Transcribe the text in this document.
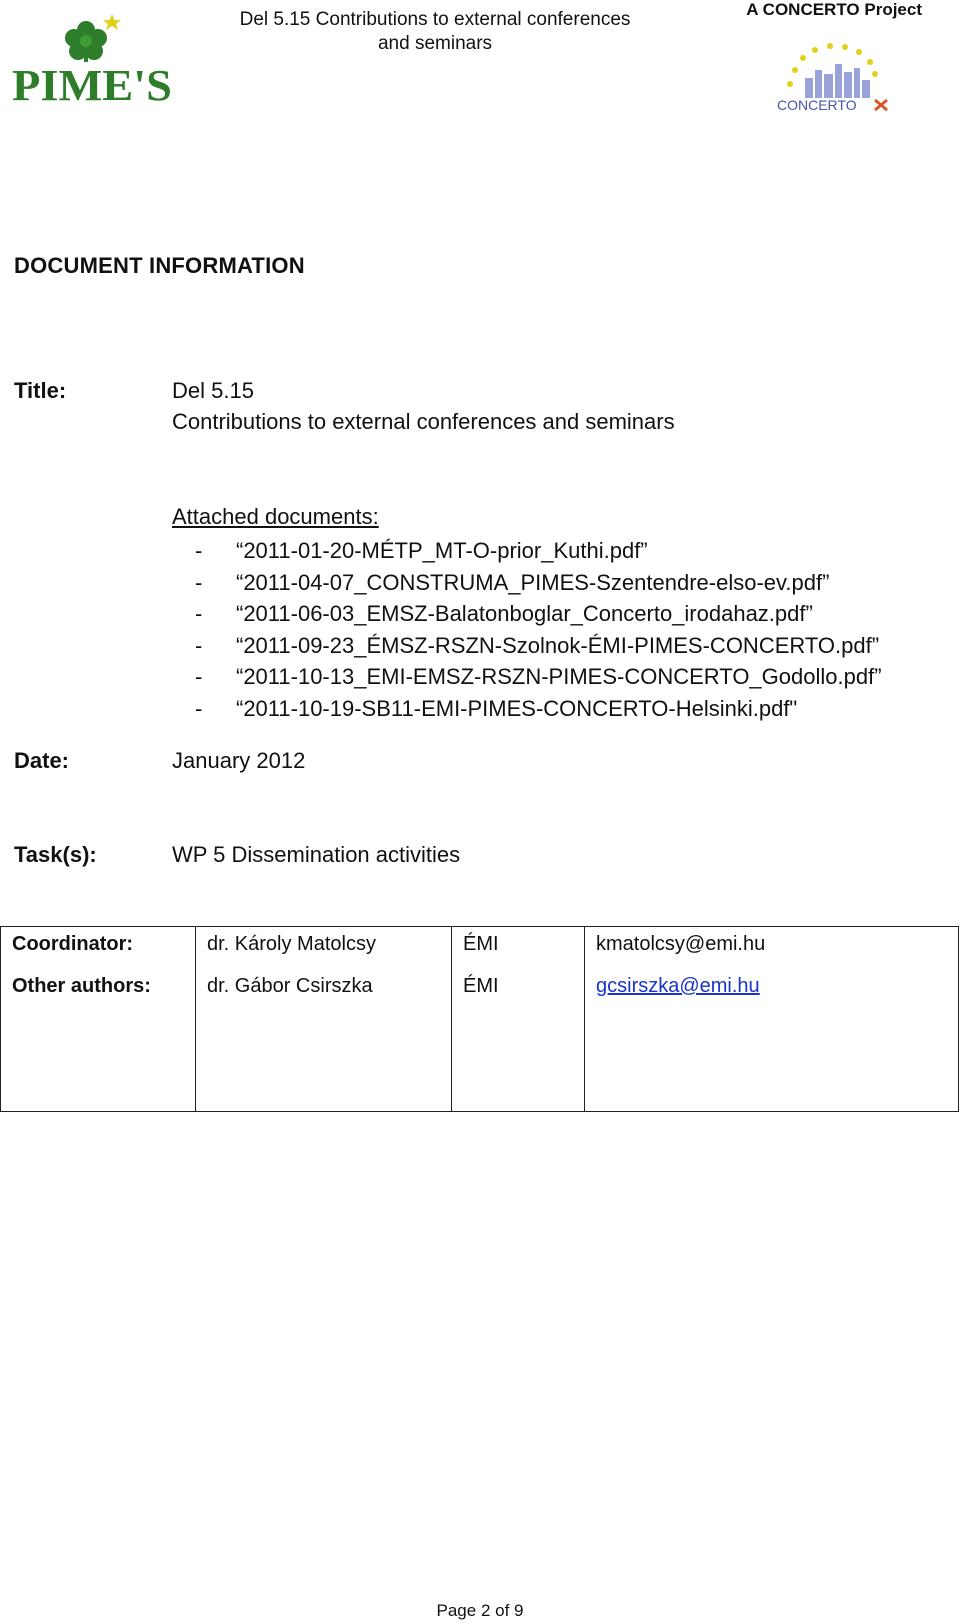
PIME'S
Del 5.15 Contributions to external conferences
and seminars
A CONCERTO Project
CONCERTO
DOCUMENT INFORMATION
Title:	Del 5.15
Contributions to external conferences and seminars
Attached documents:
- “2011-01-20-MÉTP_MT-O-prior_Kuthi.pdf”
- “2011-04-07_CONSTRUMA_PIMES-Szentendre-elso-ev.pdf”
- “2011-06-03_EMSZ-Balatonboglar_Concerto_irodahaz.pdf”
- “2011-09-23_ÉMSZ-RSZN-Szolnok-ÉMI-PIMES-CONCERTO.pdf”
- “2011-10-13_EMI-EMSZ-RSZN-PIMES-CONCERTO_Godollo.pdf”
- “2011-10-19-SB11-EMI-PIMES-CONCERTO-Helsinki.pdf"
Date:	January 2012
Task(s):	WP 5 Dissemination activities
Coordinator:	dr. Károly Matolcsy	ÉMI	kmatolcsy@emi.hu
Other authors:	dr. Gábor Csirszka	ÉMI	gcsirszka@emi.hu

Page 2 of 9
